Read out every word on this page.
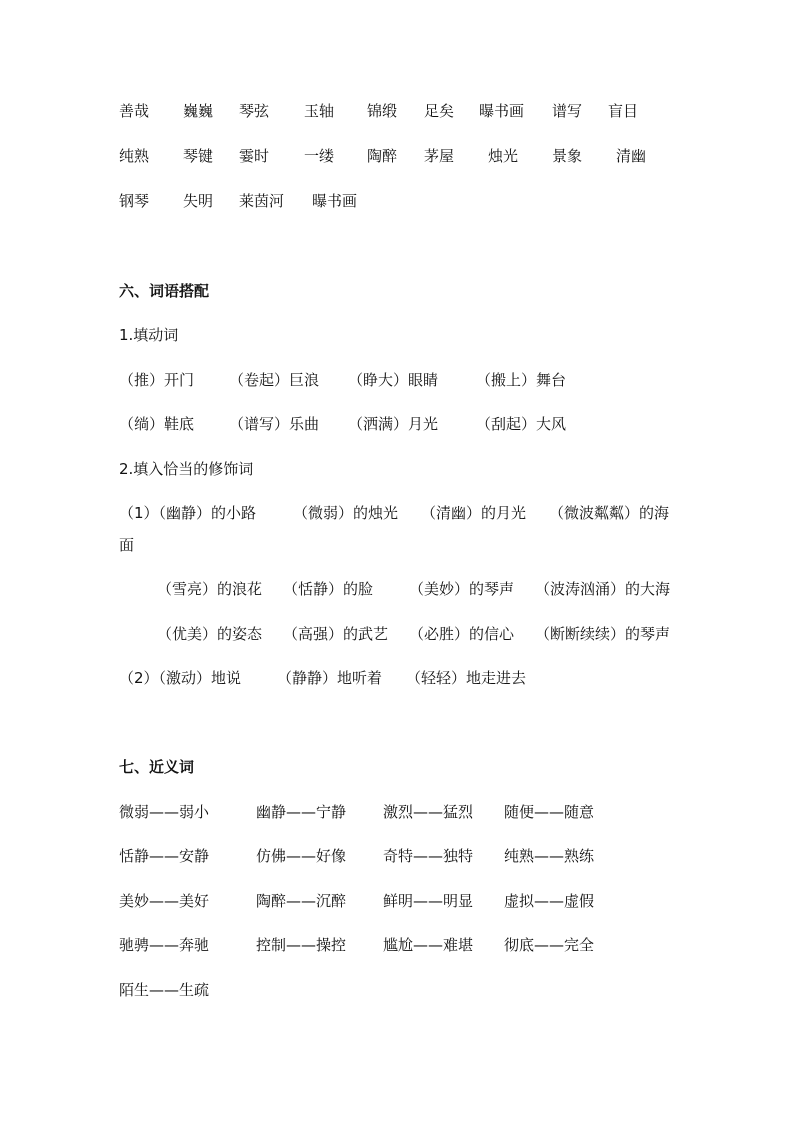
善哉 巍巍 琴弦 玉轴 锦缎 足矣 曝书画 谱写 盲目
纯熟 琴键 霎时 一缕 陶醉 茅屋 烛光 景象 清幽
钢琴 失明 莱茵河 曝书画
六、词语搭配
1.填动词
（推）开门 （卷起）巨浪 （睁大）眼睛	（搬上）舞台
（绱）鞋底 （谱写）乐曲 （洒满）月光	（刮起）大风
2.填入恰当的修饰词
（1）（幽静）的小路 （微弱）的烛光 （清幽）的月光 （微波粼粼）的海
面
（雪亮）的浪花 （恬静）的脸 （美妙）的琴声 （波涛汹涌）的大海
（优美）的姿态 （高强）的武艺 （必胜）的信心 （断断续续）的琴声
（2）（激动）地说 （静静）地听着 （轻轻）地走进去
七、近义词
微弱——弱小	幽静——宁静 激烈——猛烈 随便——随意
恬静——安静	仿佛——好像 奇特——独特 纯熟——熟练
美妙——美好	陶醉——沉醉 鲜明——明显 虚拟——虚假
驰骋——奔驰	控制——操控 尴尬——难堪 彻底——完全
陌生——生疏
